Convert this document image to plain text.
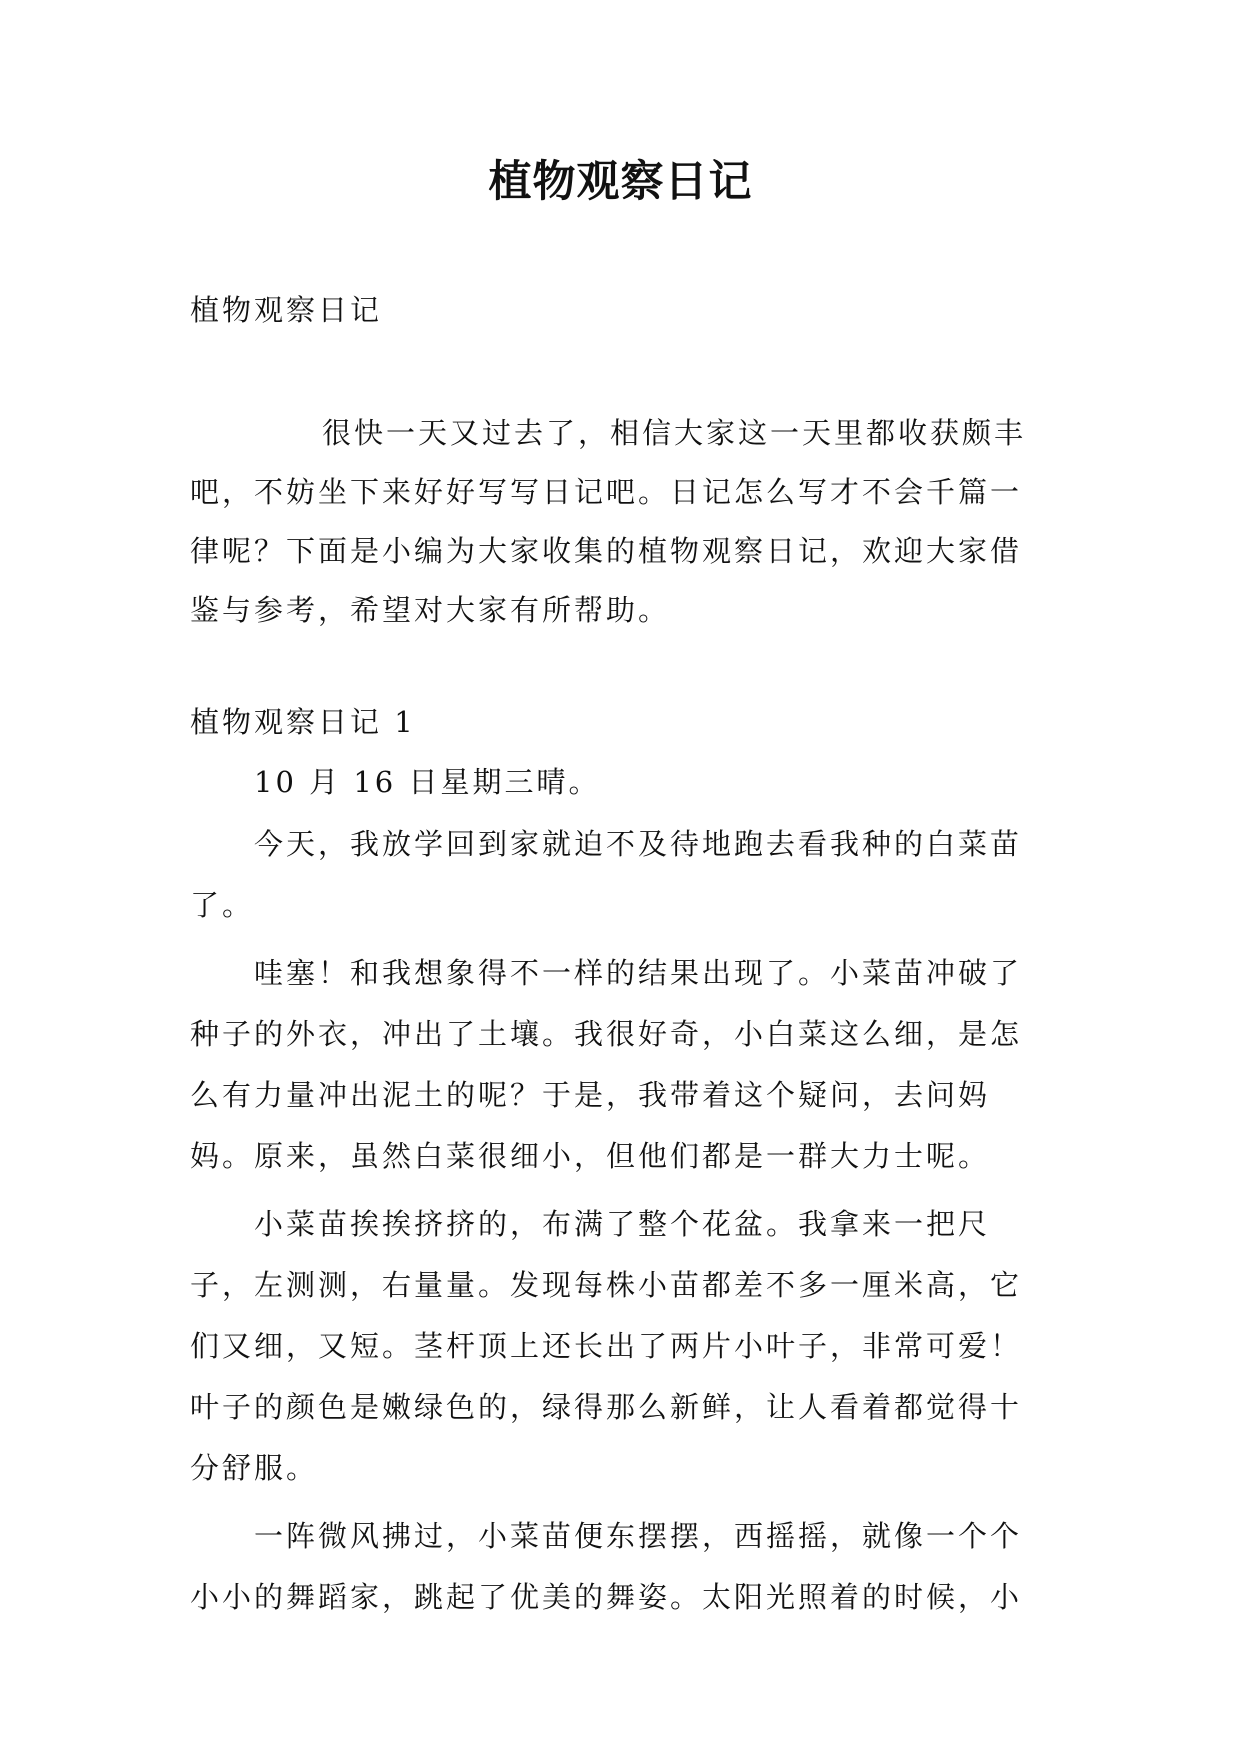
植物观察日记

植物观察日记

很快一天又过去了，相信大家这一天里都收获颇丰吧，不妨坐下来好好写写日记吧。日记怎么写才不会千篇一律呢？下面是小编为大家收集的植物观察日记，欢迎大家借鉴与参考，希望对大家有所帮助。

植物观察日记 1

10 月 16 日星期三晴。

今天，我放学回到家就迫不及待地跑去看我种的白菜苗了。

哇塞！和我想象得不一样的结果出现了。小菜苗冲破了种子的外衣，冲出了土壤。我很好奇，小白菜这么细，是怎么有力量冲出泥土的呢？于是，我带着这个疑问，去问妈妈。原来，虽然白菜很细小，但他们都是一群大力士呢。

小菜苗挨挨挤挤的，布满了整个花盆。我拿来一把尺子，左测测，右量量。发现每株小苗都差不多一厘米高，它们又细，又短。茎杆顶上还长出了两片小叶子，非常可爱！叶子的颜色是嫩绿色的，绿得那么新鲜，让人看着都觉得十分舒服。

一阵微风拂过，小菜苗便东摆摆，西摇摇，就像一个个小小的舞蹈家，跳起了优美的舞姿。太阳光照着的时候，小
